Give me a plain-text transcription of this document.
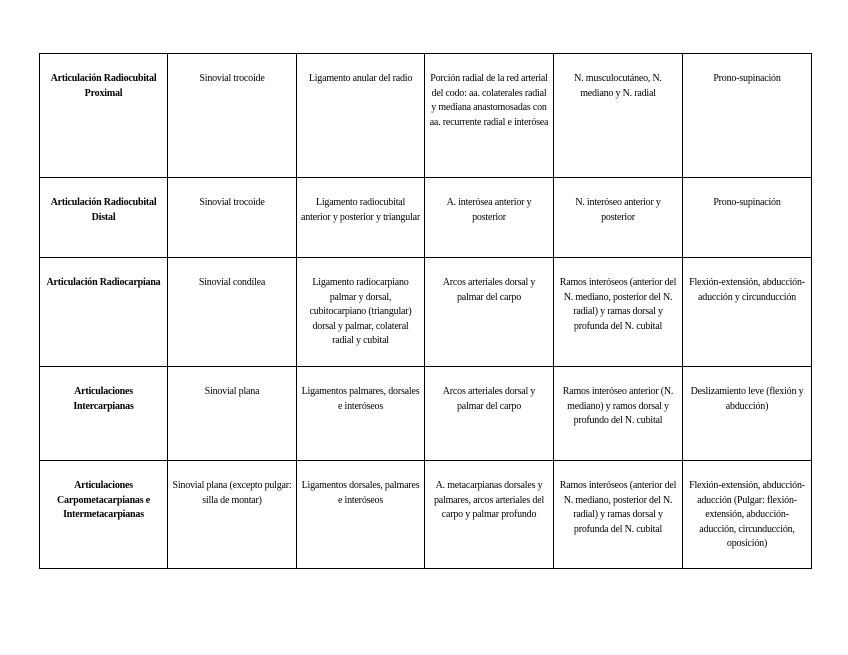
Articulación Radiocubital Proximal	Sinovial trocoide	Ligamento anular del radio	Porción radial de la red arterial del codo: aa. colaterales radial y mediana anastomosadas con aa. recurrente radial e interósea	N. musculocutáneo, N. mediano y N. radial	Prono-supinación
Articulación Radiocubital Distal	Sinovial trocoide	Ligamento radiocubital anterior y posterior y triangular	A. interósea anterior y posterior	N. interóseo anterior y posterior	Prono-supinación
Articulación Radiocarpiana	Sinovial condílea	Ligamento radiocarpiano palmar y dorsal, cubitocarpiano (triangular) dorsal y palmar, colateral radial y cubital	Arcos arteriales dorsal y palmar del carpo	Ramos interóseos (anterior del N. mediano, posterior del N. radial) y ramas dorsal y profunda del N. cubital	Flexión-extensión, abducción-aducción y circunducción
Articulaciones Intercarpianas	Sinovial plana	Ligamentos palmares, dorsales e interóseos	Arcos arteriales dorsal y palmar del carpo	Ramos interóseo anterior (N. mediano) y ramos dorsal y profundo del N. cubital	Deslizamiento leve (flexión y abducción)
Articulaciones Carpometacarpianas e Intermetacarpianas	Sinovial plana (excepto pulgar: silla de montar)	Ligamentos dorsales, palmares e interóseos	A. metacarpianas dorsales y palmares, arcos arteriales del carpo y palmar profundo	Ramos interóseos (anterior del N. mediano, posterior del N. radial) y ramas dorsal y profunda del N. cubital	Flexión-extensión, abducción-aducción (Pulgar: flexión-extensión, abducción-aducción, circunducción, oposición)
